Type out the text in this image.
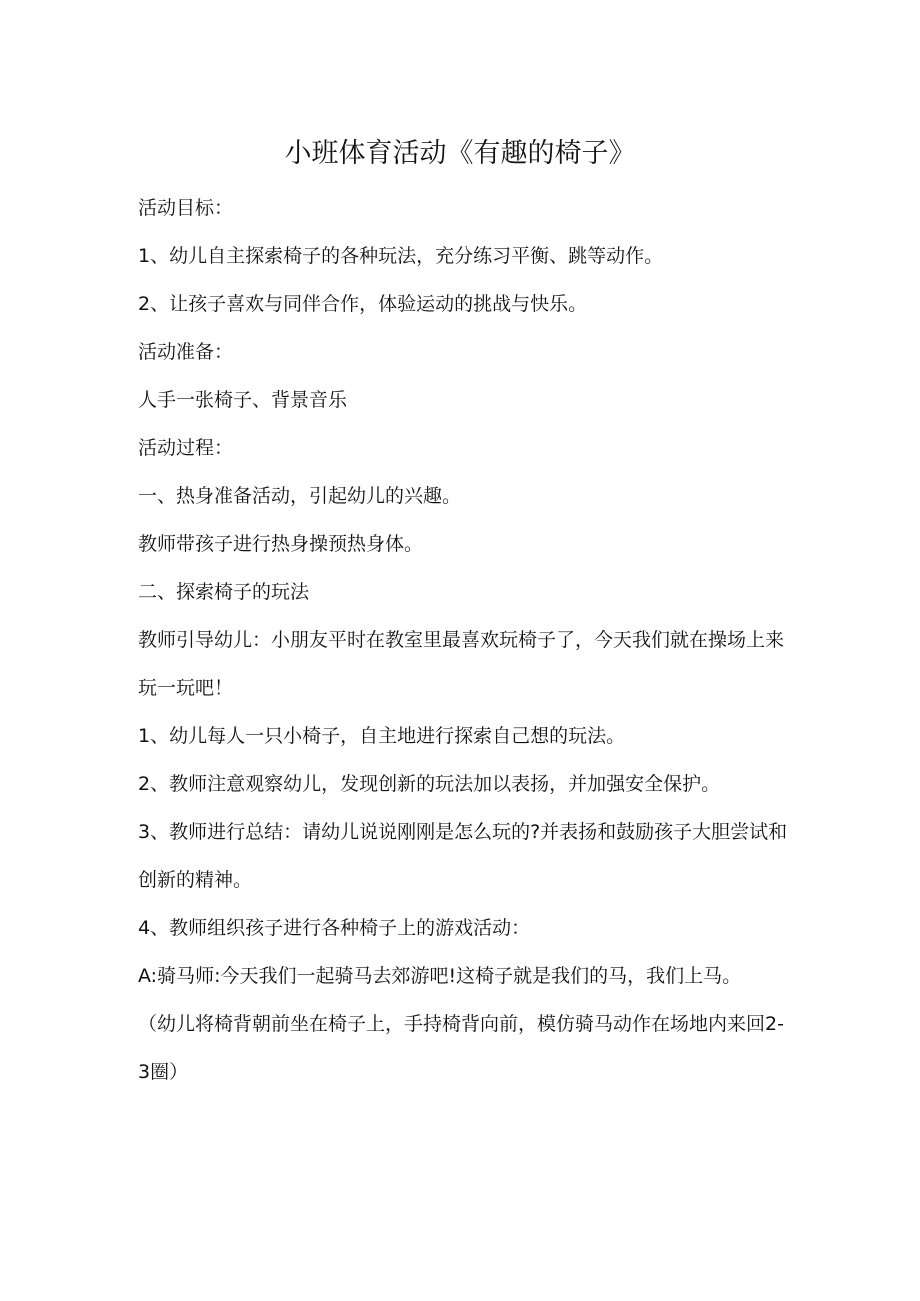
小班体育活动《有趣的椅子》

活动目标：

1、幼儿自主探索椅子的各种玩法，充分练习平衡、跳等动作。

2、让孩子喜欢与同伴合作，体验运动的挑战与快乐。

活动准备：

人手一张椅子、背景音乐

活动过程：

一、热身准备活动，引起幼儿的兴趣。

教师带孩子进行热身操预热身体。

二、探索椅子的玩法

教师引导幼儿：小朋友平时在教室里最喜欢玩椅子了，今天我们就在操场上来玩一玩吧！

1、幼儿每人一只小椅子，自主地进行探索自己想的玩法。

2、教师注意观察幼儿，发现创新的玩法加以表扬，并加强安全保护。

3、教师进行总结：请幼儿说说刚刚是怎么玩的?并表扬和鼓励孩子大胆尝试和创新的精神。

4、教师组织孩子进行各种椅子上的游戏活动：

A:骑马师:今天我们一起骑马去郊游吧!这椅子就是我们的马，我们上马。

（幼儿将椅背朝前坐在椅子上，手持椅背向前，模仿骑马动作在场地内来回2-3圈）
